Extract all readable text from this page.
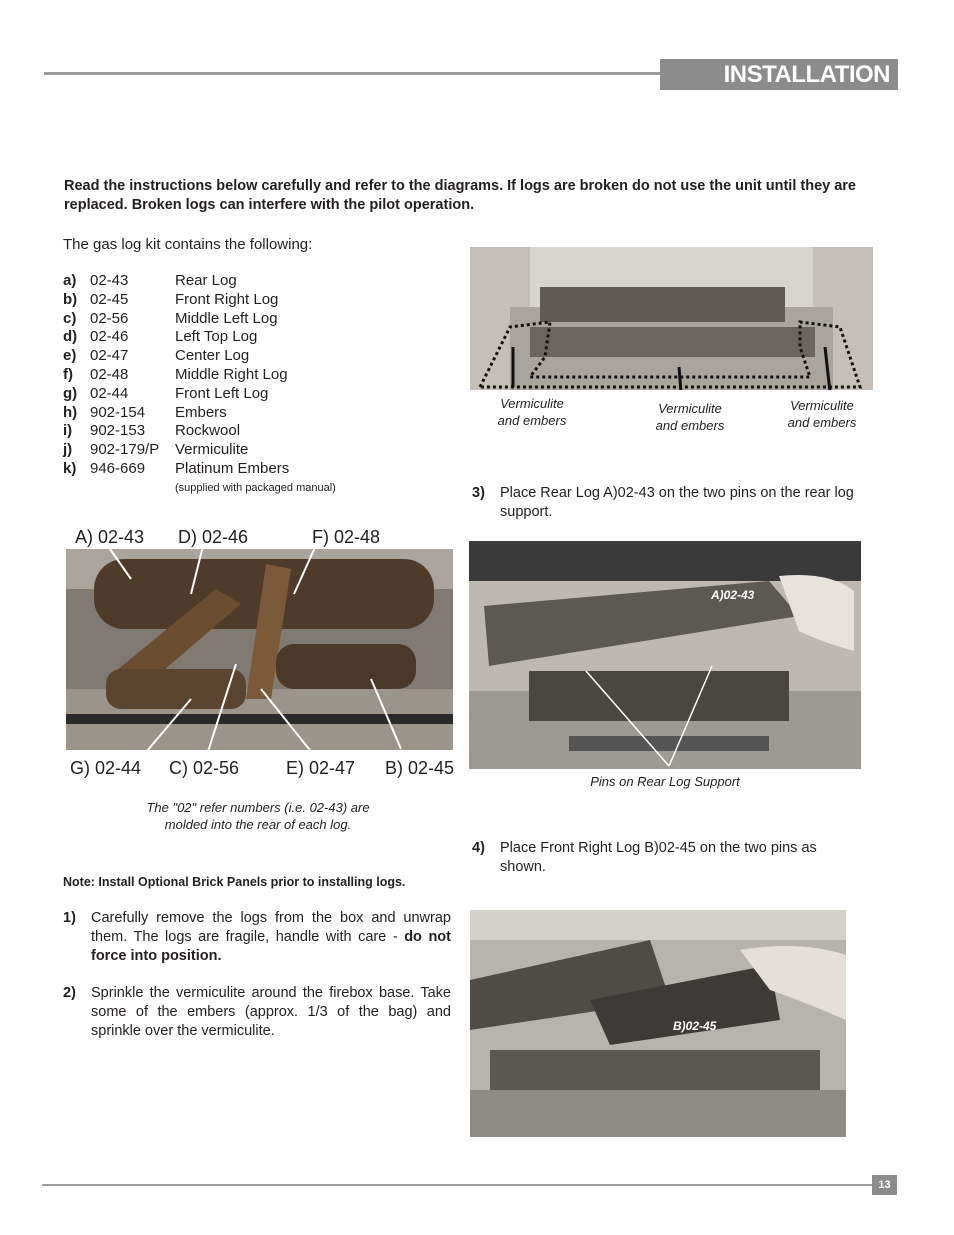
INSTALLATION
Read the instructions below carefully and refer to the diagrams. If logs are broken do not use the unit until they are replaced. Broken logs can interfere with the pilot operation.
The gas log kit contains the following:
a) 02-43	Rear Log
b) 02-45	Front Right Log
c) 02-56	Middle Left Log
d) 02-46	Left Top Log
e) 02-47	Center Log
f)	02-48	Middle Right Log
g) 02-44	Front Left Log
h) 902-154	Embers
i)	902-153	Rockwool
j)	902-179/P	Vermiculite
k) 946-669	Platinum Embers
(supplied with packaged manual)
A) 02-43 D) 02-46	F) 02-48
G) 02-44 C) 02-56	E) 02-47 B) 02-45
The "02" refer numbers (i.e. 02-43) are
molded into the rear of each log.
Note: Install Optional Brick Panels prior to installing logs.
1) Carefully remove the logs from the box and unwrap them. The logs are fragile, handle with care - do not force into position.
2) Sprinkle the vermiculite around the firebox base. Take some of the embers (approx. 1/3 of the bag) and sprinkle over the vermiculite.
Vermiculite
and embers
Vermiculite
and embers
Vermiculite
and embers
3) Place Rear Log A)02-43 on the two pins on the rear log support.
A)02-43
Pins on Rear Log Support
4) Place Front Right Log B)02-45 on the two pins as shown.
B)02-45
13
